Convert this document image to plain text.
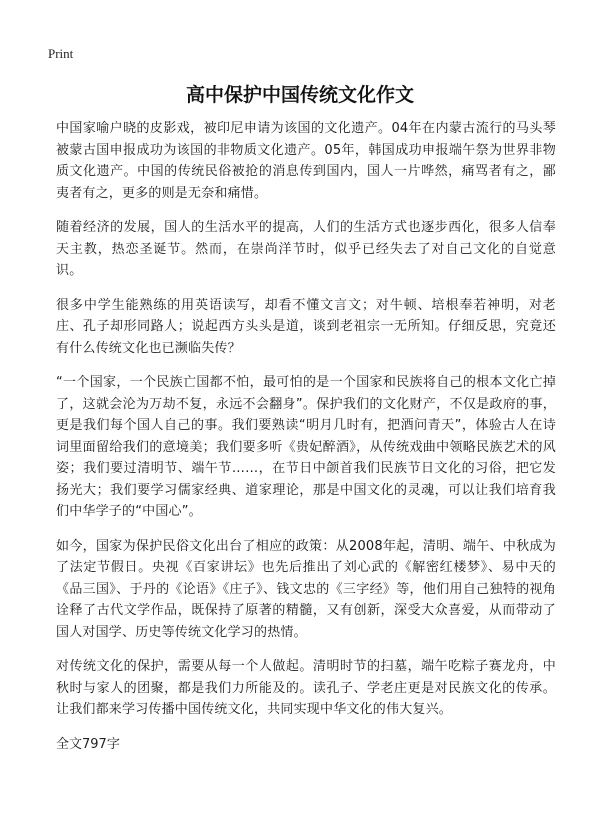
Print
高中保护中国传统文化作文

中国家喻户晓的皮影戏，被印尼申请为该国的文化遗产。04年在内蒙古流行的马头琴被蒙古国申报成功为该国的非物质文化遗产。05年，韩国成功申报端午祭为世界非物质文化遗产。中国的传统民俗被抢的消息传到国内，国人一片哗然，痛骂者有之，鄙夷者有之，更多的则是无奈和痛惜。

随着经济的发展，国人的生活水平的提高，人们的生活方式也逐步西化，很多人信奉天主教，热恋圣诞节。然而，在崇尚洋节时，似乎已经失去了对自己文化的自觉意识。

很多中学生能熟练的用英语读写，却看不懂文言文；对牛顿、培根奉若神明，对老庄、孔子却形同路人；说起西方头头是道，谈到老祖宗一无所知。仔细反思，究竟还有什么传统文化也已濒临失传？

“一个国家，一个民族亡国都不怕，最可怕的是一个国家和民族将自己的根本文化亡掉了，这就会沦为万劫不复，永远不会翻身”。保护我们的文化财产，不仅是政府的事，更是我们每个国人自己的事。我们要熟读“明月几时有，把酒问青天”，体验古人在诗词里面留给我们的意境美；我们要多听《贵妃醉酒》，从传统戏曲中领略民族艺术的风姿；我们要过清明节、端午节……，在节日中颌首我们民族节日文化的习俗，把它发扬光大；我们要学习儒家经典、道家理论，那是中国文化的灵魂，可以让我们培育我们中华学子的“中国心”。

如今，国家为保护民俗文化出台了相应的政策：从2008年起，清明、端午、中秋成为了法定节假日。央视《百家讲坛》也先后推出了刘心武的《解密红楼梦》、易中天的《品三国》、于丹的《论语》《庄子》、钱文忠的《三字经》等，他们用自己独特的视角诠释了古代文学作品，既保持了原著的精髓，又有创新，深受大众喜爱，从而带动了国人对国学、历史等传统文化学习的热情。

对传统文化的保护，需要从每一个人做起。清明时节的扫墓，端午吃粽子赛龙舟，中秋时与家人的团聚，都是我们力所能及的。读孔子、学老庄更是对民族文化的传承。让我们都来学习传播中国传统文化，共同实现中华文化的伟大复兴。

全文797字
